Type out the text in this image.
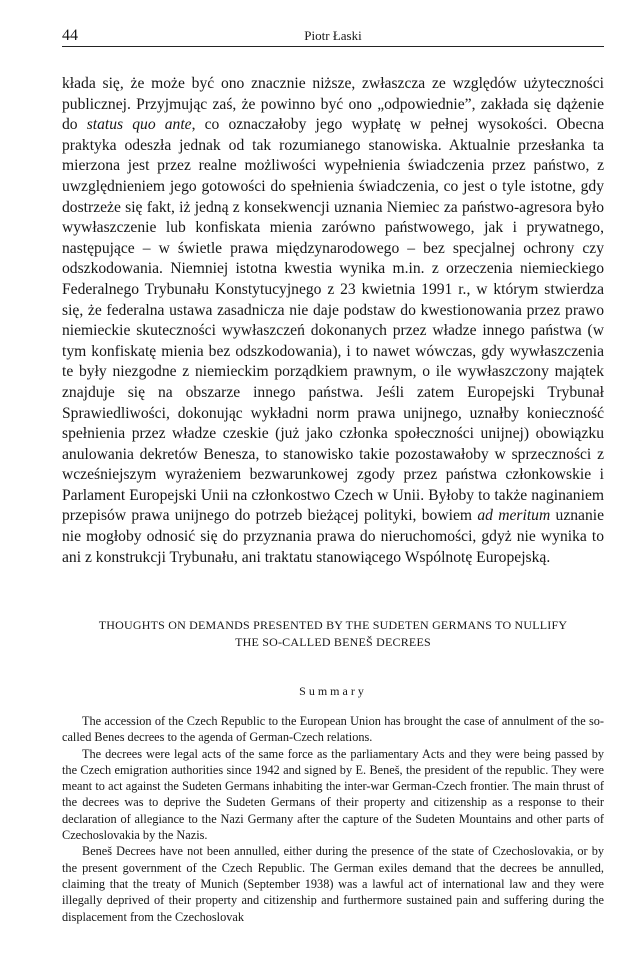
44	Piotr Łaski

kłada się, że może być ono znacznie niższe, zwłaszcza ze względów użyteczności publicznej. Przyjmując zaś, że powinno być ono „odpowiednie”, zakłada się dążenie do status quo ante, co oznaczałoby jego wypłatę w pełnej wysokości. Obecna praktyka odeszła jednak od tak rozumianego stanowiska. Aktualnie przesłanka ta mierzona jest przez realne możliwości wypełnienia świadczenia przez państwo, z uwzględnieniem jego gotowości do spełnienia świadczenia, co jest o tyle istotne, gdy dostrzeże się fakt, iż jedną z konsekwencji uznania Niemiec za państwo-agresora było wywłaszczenie lub konfiskata mienia zarówno państwowego, jak i prywatnego, następujące – w świetle prawa międzynarodowego – bez specjalnej ochrony czy odszkodowania. Niemniej istotna kwestia wynika m.in. z orzeczenia niemieckiego Federalnego Trybunału Konstytucyjnego z 23 kwietnia 1991 r., w którym stwierdza się, że federalna ustawa zasadnicza nie daje podstaw do kwestionowania przez prawo niemieckie skuteczności wywłaszczeń dokonanych przez władze innego państwa (w tym konfiskatę mienia bez odszkodowania), i to nawet wówczas, gdy wywłaszczenia te były niezgodne z niemieckim porządkiem prawnym, o ile wywłaszczony majątek znajduje się na obszarze innego państwa. Jeśli zatem Europejski Trybunał Sprawiedliwości, dokonując wykładni norm prawa unijnego, uznałby konieczność spełnienia przez władze czeskie (już jako członka społeczności unijnej) obowiązku anulowania dekretów Benesza, to stanowisko takie pozostawałoby w sprzeczności z wcześniejszym wyrażeniem bezwarunkowej zgody przez państwa członkowskie i Parlament Europejski Unii na członkostwo Czech w Unii. Byłoby to także naginaniem przepisów prawa unijnego do potrzeb bieżącej polityki, bowiem ad meritum uznanie nie mogłoby odnosić się do przyznania prawa do nieruchomości, gdyż nie wynika to ani z konstrukcji Trybunału, ani traktatu stanowiącego Wspólnotę Europejską.

THOUGHTS ON DEMANDS PRESENTED BY THE SUDETEN GERMANS TO NULLIFY
THE SO-CALLED BENEŠ DECREES
Summary

The accession of the Czech Republic to the European Union has brought the case of annulment of the so-called Benes decrees to the agenda of German-Czech relations.

The decrees were legal acts of the same force as the parliamentary Acts and they were being passed by the Czech emigration authorities since 1942 and signed by E. Beneš, the president of the republic. They were meant to act against the Sudeten Germans inhabiting the inter-war German-Czech frontier. The main thrust of the decrees was to deprive the Sudeten Germans of their property and citizenship as a response to their declaration of allegiance to the Nazi Germany after the capture of the Sudeten Mountains and other parts of Czechoslovakia by the Nazis.

Beneš Decrees have not been annulled, either during the presence of the state of Czechoslovakia, or by the present government of the Czech Republic. The German exiles demand that the decrees be annulled, claiming that the treaty of Munich (September 1938) was a lawful act of international law and they were illegally deprived of their property and citizenship and furthermore sustained pain and suffering during the displacement from the Czechoslovak
